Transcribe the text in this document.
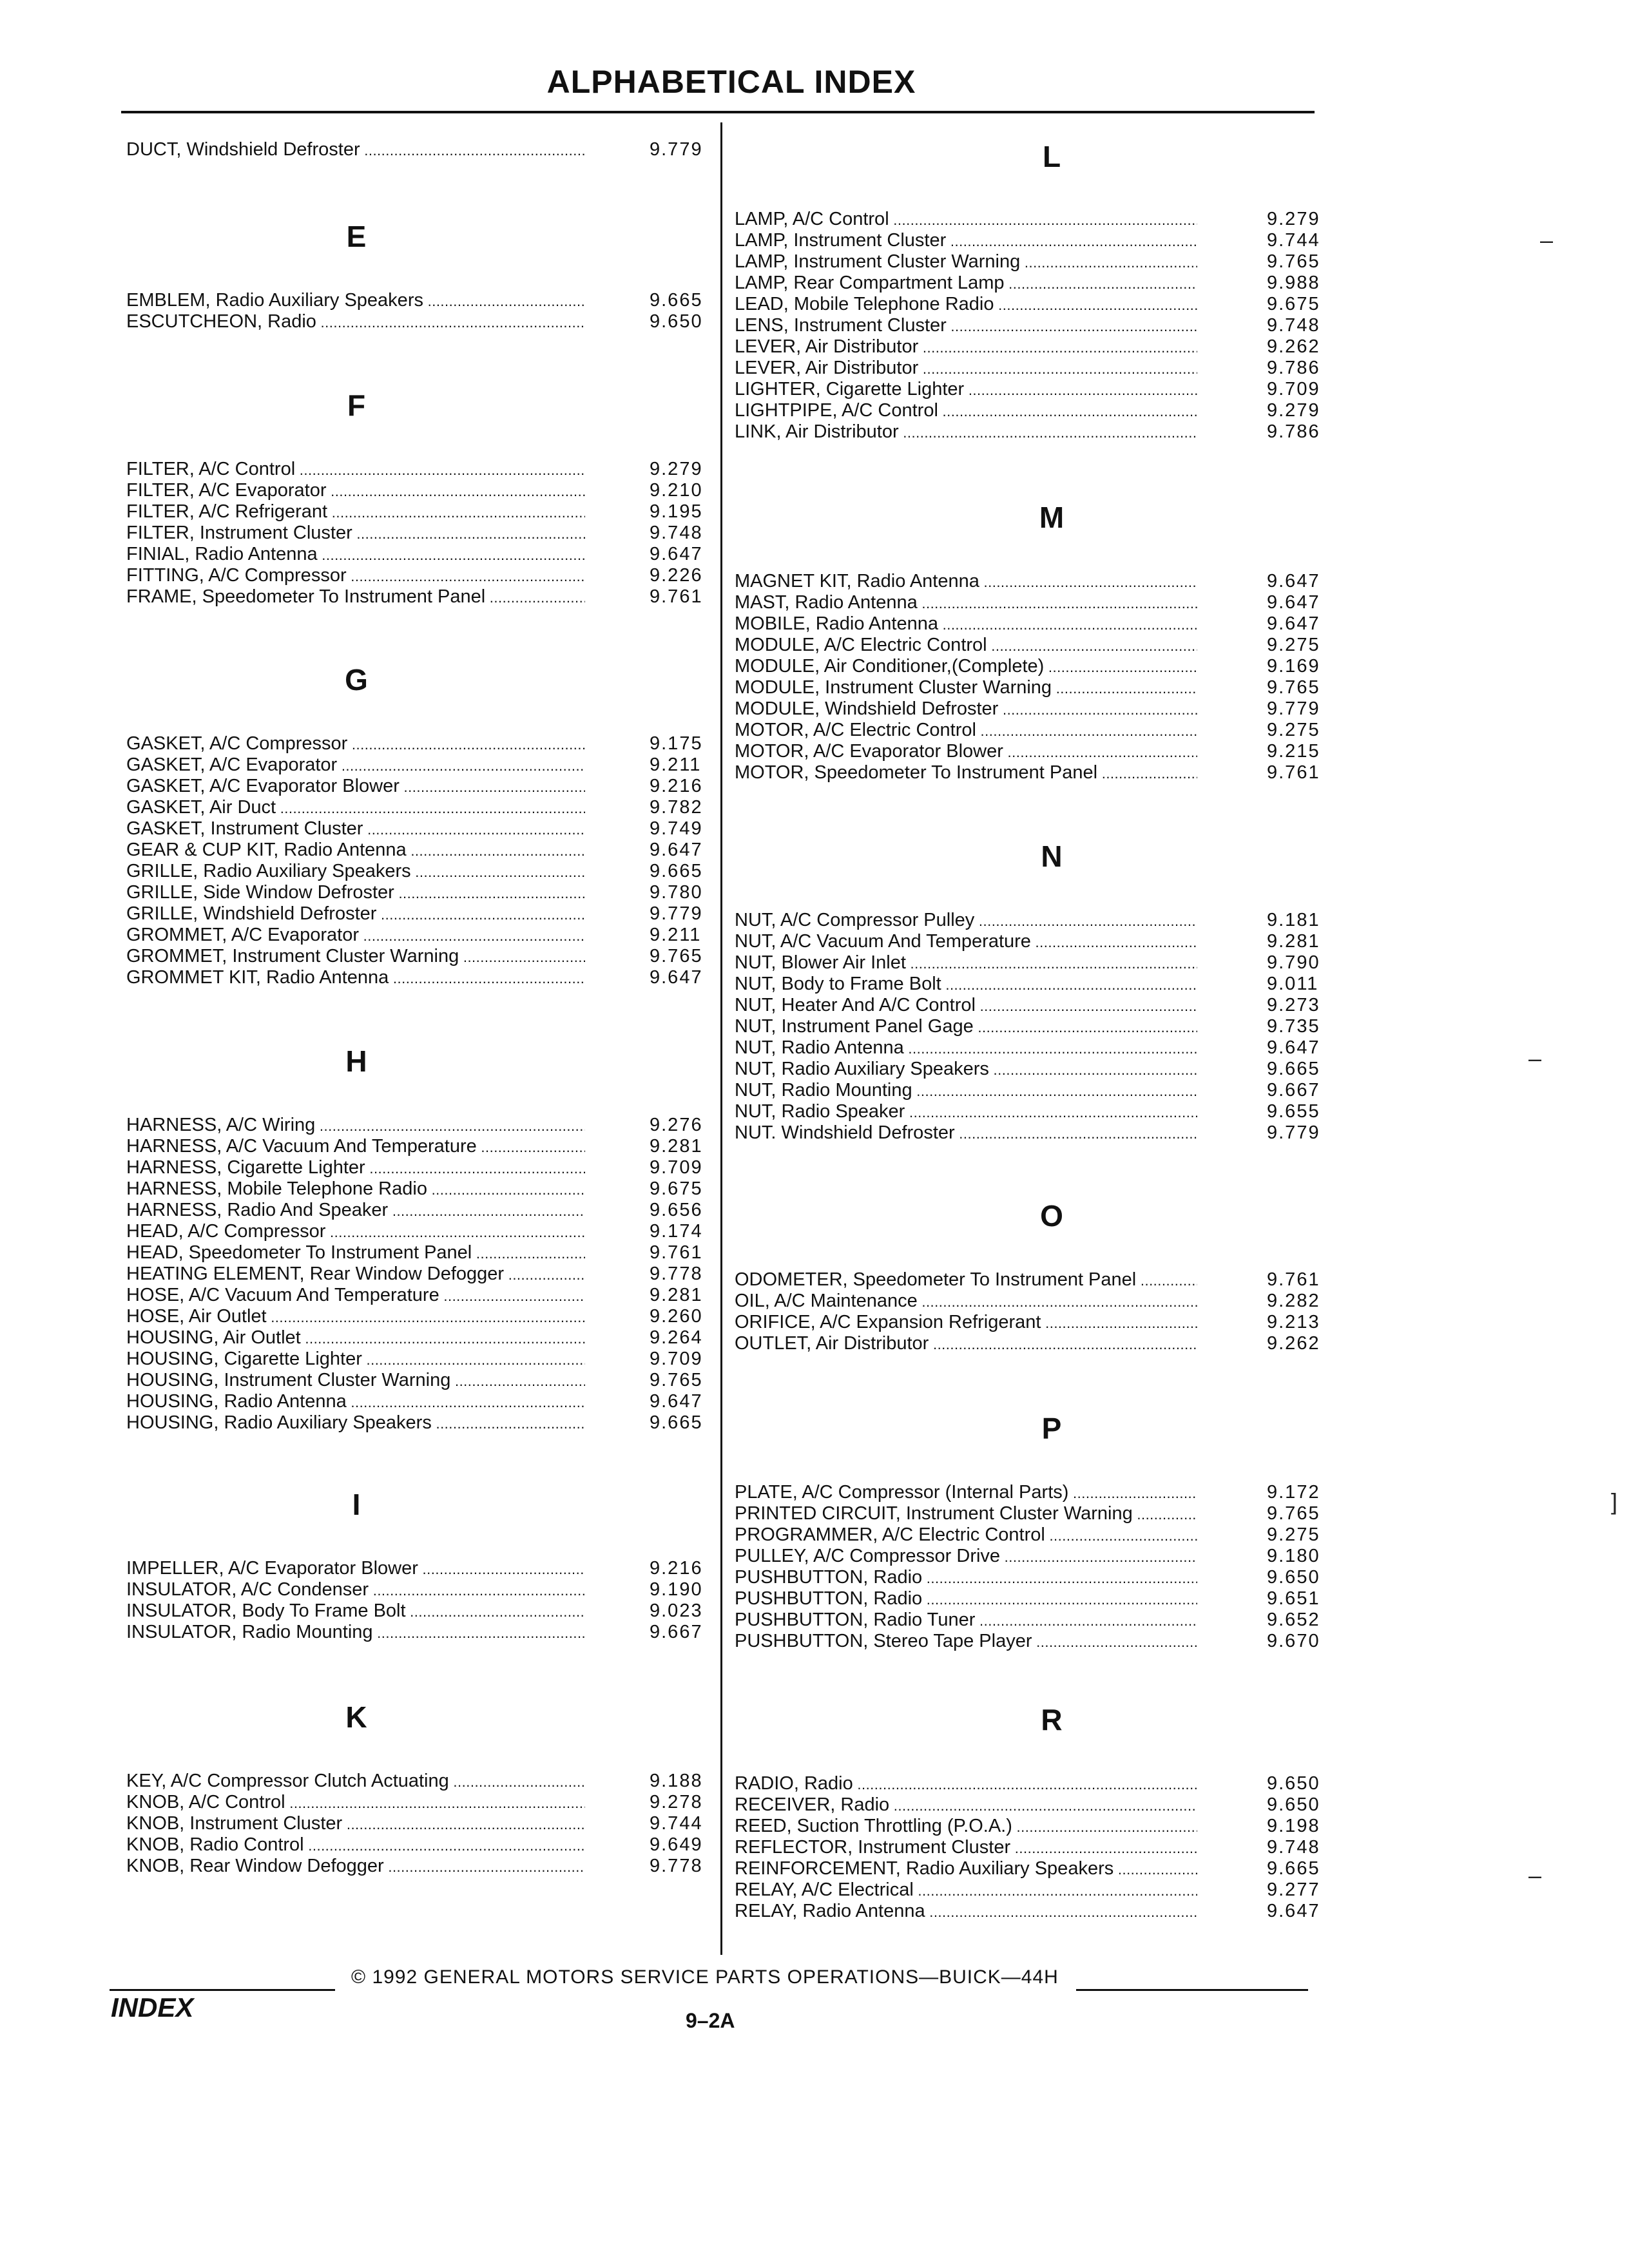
ALPHABETICAL INDEX
DUCT, Windshield Defroster .....	9.779
E
EMBLEM, Radio Auxiliary Speakers .....	9.665
ESCUTCHEON, Radio .....	9.650
F
FILTER, A/C Control .....	9.279
FILTER, A/C Evaporator .....	9.210
FILTER, A/C Refrigerant .....	9.195
FILTER, Instrument Cluster .....	9.748
FINIAL, Radio Antenna .....	9.647
FITTING, A/C Compressor .....	9.226
FRAME, Speedometer To Instrument Panel .....	9.761
G
GASKET, A/C Compressor .....	9.175
GASKET, A/C Evaporator .....	9.211
GASKET, A/C Evaporator Blower .....	9.216
GASKET, Air Duct .....	9.782
GASKET, Instrument Cluster .....	9.749
GEAR & CUP KIT, Radio Antenna .....	9.647
GRILLE, Radio Auxiliary Speakers .....	9.665
GRILLE, Side Window Defroster .....	9.780
GRILLE, Windshield Defroster .....	9.779
GROMMET, A/C Evaporator .....	9.211
GROMMET, Instrument Cluster Warning .....	9.765
GROMMET KIT, Radio Antenna .....	9.647
H
HARNESS, A/C Wiring .....	9.276
HARNESS, A/C Vacuum And Temperature .....	9.281
HARNESS, Cigarette Lighter .....	9.709
HARNESS, Mobile Telephone Radio .....	9.675
HARNESS, Radio And Speaker .....	9.656
HEAD, A/C Compressor .....	9.174
HEAD, Speedometer To Instrument Panel .....	9.761
HEATING ELEMENT, Rear Window Defogger .....	9.778
HOSE, A/C Vacuum And Temperature .....	9.281
HOSE, Air Outlet .....	9.260
HOUSING, Air Outlet .....	9.264
HOUSING, Cigarette Lighter .....	9.709
HOUSING, Instrument Cluster Warning .....	9.765
HOUSING, Radio Antenna .....	9.647
HOUSING, Radio Auxiliary Speakers .....	9.665
I
IMPELLER, A/C Evaporator Blower .....	9.216
INSULATOR, A/C Condenser .....	9.190
INSULATOR, Body To Frame Bolt .....	9.023
INSULATOR, Radio Mounting .....	9.667
K
KEY, A/C Compressor Clutch Actuating .....	9.188
KNOB, A/C Control .....	9.278
KNOB, Instrument Cluster .....	9.744
KNOB, Radio Control .....	9.649
KNOB, Rear Window Defogger .....	9.778
L
LAMP, A/C Control .....	9.279
LAMP, Instrument Cluster .....	9.744
LAMP, Instrument Cluster Warning .....	9.765
LAMP, Rear Compartment Lamp .....	9.988
LEAD, Mobile Telephone Radio .....	9.675
LENS, Instrument Cluster .....	9.748
LEVER, Air Distributor .....	9.262
LEVER, Air Distributor .....	9.786
LIGHTER, Cigarette Lighter .....	9.709
LIGHTPIPE, A/C Control .....	9.279
LINK, Air Distributor .....	9.786
M
MAGNET KIT, Radio Antenna .....	9.647
MAST, Radio Antenna .....	9.647
MOBILE, Radio Antenna .....	9.647
MODULE, A/C Electric Control .....	9.275
MODULE, Air Conditioner,(Complete) .....	9.169
MODULE, Instrument Cluster Warning .....	9.765
MODULE, Windshield Defroster .....	9.779
MOTOR, A/C Electric Control .....	9.275
MOTOR, A/C Evaporator Blower .....	9.215
MOTOR, Speedometer To Instrument Panel .....	9.761
N
NUT, A/C Compressor Pulley .....	9.181
NUT, A/C Vacuum And Temperature .....	9.281
NUT, Blower Air Inlet .....	9.790
NUT, Body to Frame Bolt .....	9.011
NUT, Heater And A/C Control .....	9.273
NUT, Instrument Panel Gage .....	9.735
NUT, Radio Antenna .....	9.647
NUT, Radio Auxiliary Speakers .....	9.665
NUT, Radio Mounting .....	9.667
NUT, Radio Speaker .....	9.655
NUT. Windshield Defroster .....	9.779
O
ODOMETER, Speedometer To Instrument Panel .....	9.761
OIL, A/C Maintenance .....	9.282
ORIFICE, A/C Expansion Refrigerant .....	9.213
OUTLET, Air Distributor .....	9.262
P
PLATE, A/C Compressor (Internal Parts) .....	9.172
PRINTED CIRCUIT, Instrument Cluster Warning .....	9.765
PROGRAMMER, A/C Electric Control .....	9.275
PULLEY, A/C Compressor Drive .....	9.180
PUSHBUTTON, Radio .....	9.650
PUSHBUTTON, Radio .....	9.651
PUSHBUTTON, Radio Tuner .....	9.652
PUSHBUTTON, Stereo Tape Player .....	9.670
R
RADIO, Radio .....	9.650
RECEIVER, Radio .....	9.650
REED, Suction Throttling (P.O.A.) .....	9.198
REFLECTOR, Instrument Cluster .....	9.748
REINFORCEMENT, Radio Auxiliary Speakers .....	9.665
RELAY, A/C Electrical .....	9.277
RELAY, Radio Antenna .....	9.647
–
–
]
–
© 1992 GENERAL MOTORS SERVICE PARTS OPERATIONS—BUICK—44H
INDEX	9–2A
